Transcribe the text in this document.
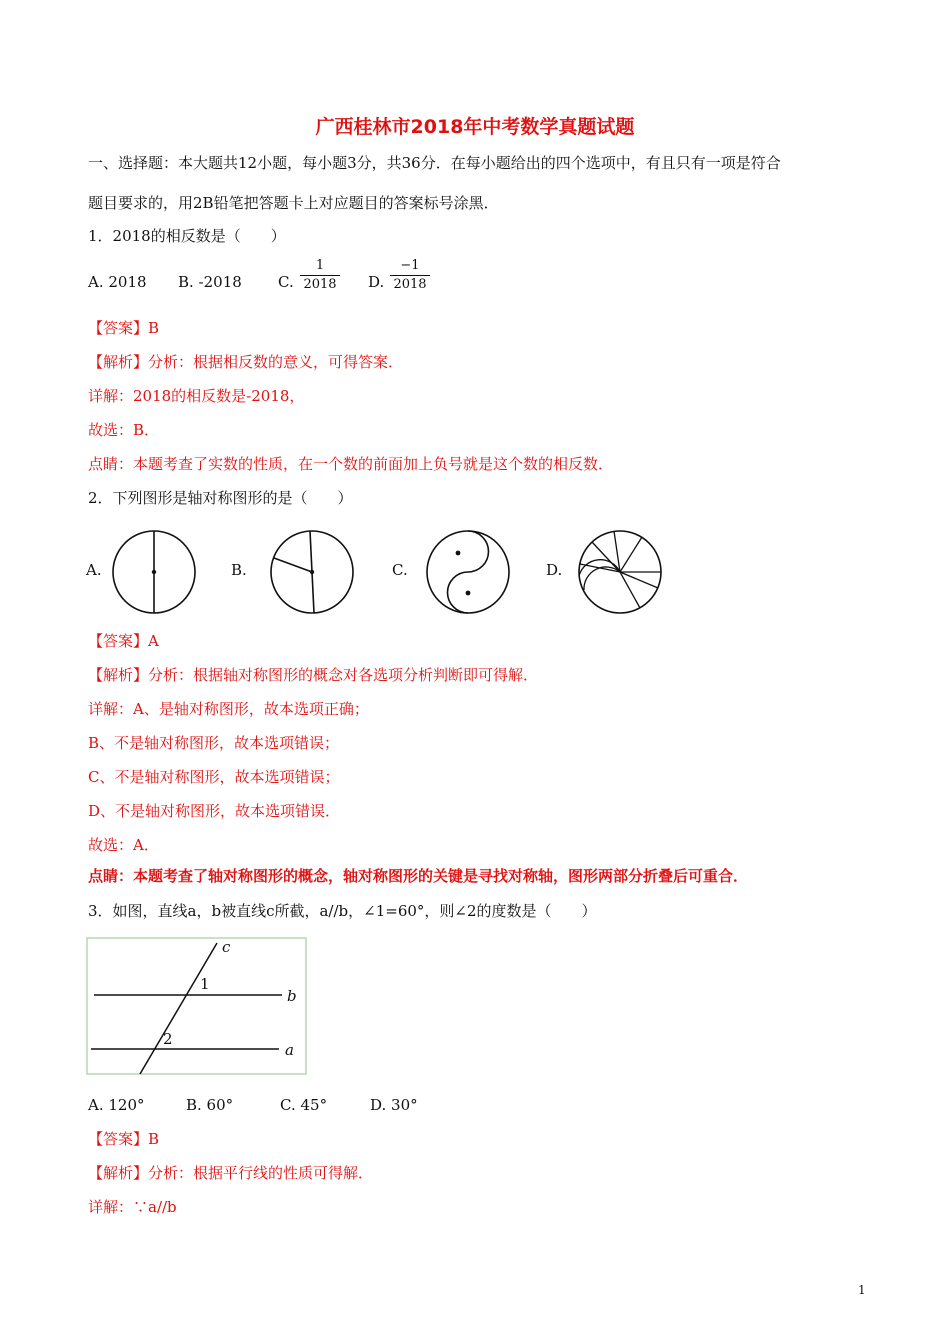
广西桂林市2018年中考数学真题试题
一、选择题：本大题共12小题，每小题3分，共36分．在每小题给出的四个选项中，有且只有一项是符合
题目要求的，用2B铅笔把答题卡上对应题目的答案标号涂黑．
1．2018的相反数是（　　）
A. 2018 B. -2018 C. $\frac{1}{2018} D$. $\frac{-1}{2018}$
【答案】B
【解析】分析：根据相反数的意义，可得答案．
详解：2018的相反数是-2018，
故选：B．
点睛：本题考查了实数的性质，在一个数的前面加上负号就是这个数的相反数．
2．下列图形是轴对称图形的是（　　）
A.	B.	C.	D.
【答案】A
【解析】分析：根据轴对称图形的概念对各选项分析判断即可得解．
详解：A、是轴对称图形，故本选项正确；
B、不是轴对称图形，故本选项错误；
C、不是轴对称图形，故本选项错误；
D、不是轴对称图形，故本选项错误．
故选：A．
点睛：本题考查了轴对称图形的概念，轴对称图形的关键是寻找对称轴，图形两部分折叠后可重合．
3．如图，直线a，b被直线c所截，a//b，∠1=60°，则∠2的度数是（　　）
c
b
a
1
2
A. 120°	B. 60°	C. 45°	D. 30°
【答案】B
【解析】分析：根据平行线的性质可得解．
详解：∵a//b
1
